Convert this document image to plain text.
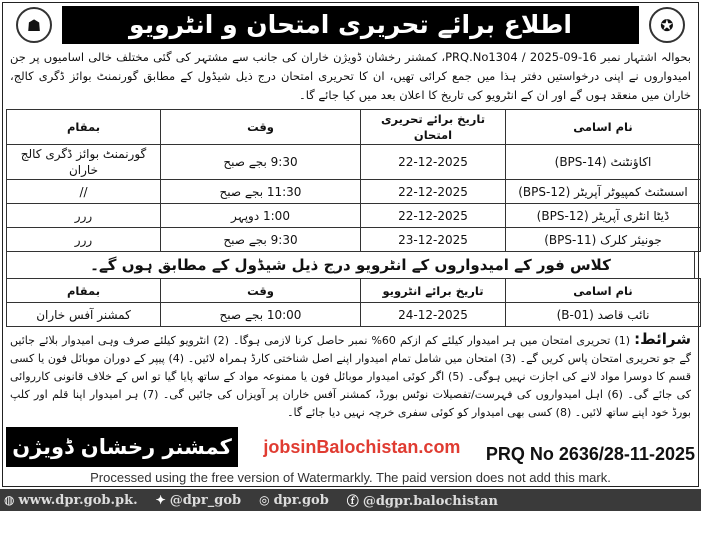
☗	اطلاع برائے تحریری امتحان و انٹرویو	✪
بحوالہ اشتہار نمبر 16-09-2025 / PRQ.No1304، کمشنر رخشان ڈویژن خاران کی جانب سے مشتہر کی گئی مختلف خالی اسامیوں پر جن امیدواروں نے اپنی درخواستیں دفتر ہذا میں جمع کرائی تھیں، ان کا تحریری امتحان درج ذیل شیڈول کے مطابق گورنمنٹ بوائز ڈگری کالج، خاران میں منعقد ہوں گے اور ان کے انٹرویو کی تاریخ کا اعلان بعد میں کیا جائے گا۔
نام اسامی	تاریخ برائے تحریری امتحان	وقت	بمقام
اکاؤنٹنٹ (BPS-14)	22-12-2025	9:30 بجے صبح	گورنمنٹ بوائز ڈگری کالج خاران
اسسٹنٹ کمپیوٹر آپریٹر (BPS-12)	22-12-2025	11:30 بجے صبح	//
ڈیٹا انٹری آپریٹر (BPS-12)	22-12-2025	1:00 دوپہر	ررر
جونیئر کلرک (BPS-11)	23-12-2025	9:30 بجے صبح	ررر
کلاس فور کے امیدواروں کے انٹرویو درج ذیل شیڈول کے مطابق ہوں گے۔
نام اسامی	تاریخ برائے انٹرویو	وقت	بمقام
نائب قاصد (B-01)	24-12-2025	10:00 بجے صبح	کمشنر آفس خاران
شرائط: (1) تحریری امتحان میں ہر امیدوار کیلئے کم ازکم 60% نمبر حاصل کرنا لازمی ہوگا۔ (2) انٹرویو کیلئے صرف وہی امیدوار بلائے جائیں گے جو تحریری امتحان پاس کریں گے۔ (3) امتحان میں شامل تمام امیدوار اپنے اصل شناختی کارڈ ہمراہ لائیں۔ (4) پیپر کے دوران موبائل فون یا کسی قسم کا دوسرا مواد لانے کی اجازت نہیں ہوگی۔ (5) اگر کوئی امیدوار موبائل فون یا ممنوعہ مواد کے ساتھ پایا گیا تو اس کے خلاف قانونی کارروائی کی جائے گی۔ (6) اہل امیدواروں کی فہرست/تفصیلات نوٹس بورڈ، کمشنر آفس خاران پر آویزاں کی جائیں گی۔ (7) ہر امیدوار اپنا قلم اور کلپ بورڈ خود اپنے ساتھ لائیں۔ (8) کسی بھی امیدوار کو کوئی سفری خرچہ نہیں دیا جائے گا۔
کمشنر رخشان ڈویژن	jobsinBalochistan.com PRQ No 2636/28-11-2025
Processed using the free version of Watermarkly. The paid version does not add this mark.
◍ www.dpr.gob.pk. ✦ @dpr_gob ◎ dpr.gob ⓕ @dgpr.balochistan
